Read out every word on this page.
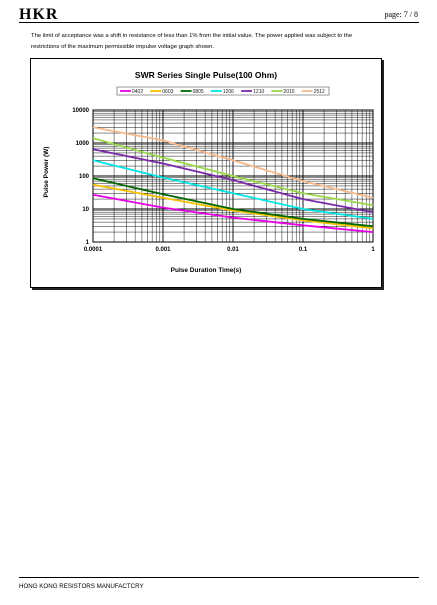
HKR	page: 7 / 8
The limit of acceptance was a shift in resistance of less than 1% from the initial value. The power applied was subject to the
restrictions of the maximum permissible impulse voltage graph shown.
SWR Series Single Pulse(100 Ohm)
0402	0603	0805	1206	1210	2010	2512
0.0001	0.001	0.01	0.1	1
10000
1000
100
10
1
Pulse Duration Time(s)
Pulse Power (W)
HONG KONG RESISTORS MANUFACTCRY
